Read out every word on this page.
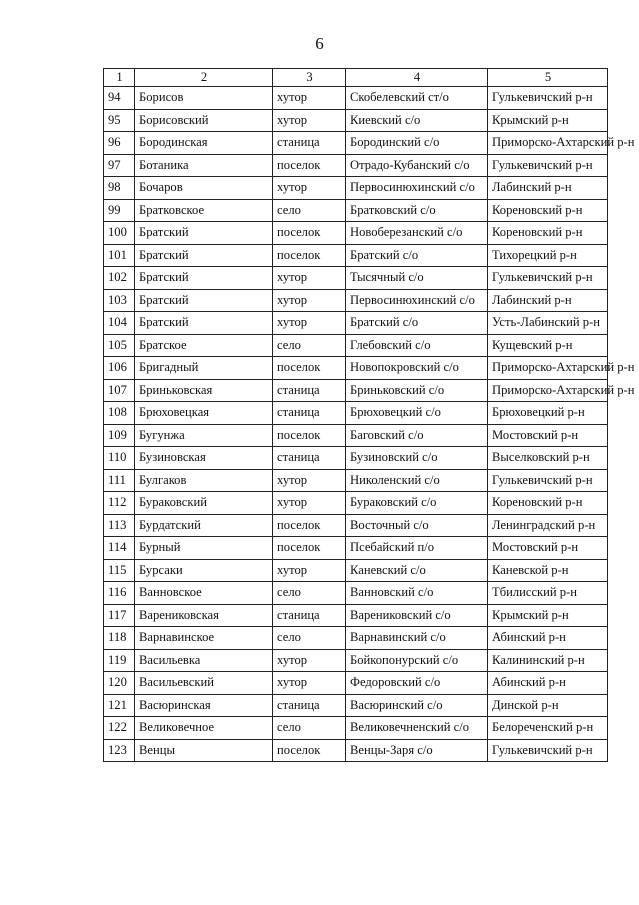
6
1	2	3	4	5
94	Борисов	хутор	Скобелевский ст/о	Гулькевичский р-н
95	Борисовский	хутор	Киевский с/о	Крымский р-н
96	Бородинская	станица	Бородинский с/о	Приморско-Ахтарский р-н
97	Ботаника	поселок	Отрадо-Кубанский с/о	Гулькевичский р-н
98	Бочаров	хутор	Первосинюхинский с/о	Лабинский р-н
99	Братковское	село	Братковский с/о	Кореновский р-н
100	Братский	поселок	Новоберезанский с/о	Кореновский р-н
101	Братский	поселок	Братский с/о	Тихорецкий р-н
102	Братский	хутор	Тысячный с/о	Гулькевичский р-н
103	Братский	хутор	Первосинюхинский с/о	Лабинский р-н
104	Братский	хутор	Братский с/о	Усть-Лабинский р-н
105	Братское	село	Глебовский с/о	Кущевский р-н
106	Бригадный	поселок	Новопокровский с/о	Приморско-Ахтарский р-н
107	Бриньковская	станица	Бриньковский с/о	Приморско-Ахтарский р-н
108	Брюховецкая	станица	Брюховецкий с/о	Брюховецкий р-н
109	Бугунжа	поселок	Баговский с/о	Мостовский р-н
110	Бузиновская	станица	Бузиновский с/о	Выселковский р-н
111	Булгаков	хутор	Николенский с/о	Гулькевичский р-н
112	Бураковский	хутор	Бураковский с/о	Кореновский р-н
113	Бурдатский	поселок	Восточный с/о	Ленинградский р-н
114	Бурный	поселок	Псебайский п/о	Мостовский р-н
115	Бурсаки	хутор	Каневский с/о	Каневской р-н
116	Ванновское	село	Ванновский с/о	Тбилисский р-н
117	Варениковская	станица	Варениковский с/о	Крымский р-н
118	Варнавинское	село	Варнавинский с/о	Абинский р-н
119	Васильевка	хутор	Бойкопонурский с/о	Калининский р-н
120	Васильевский	хутор	Федоровский с/о	Абинский р-н
121	Васюринская	станица	Васюринский с/о	Динской р-н
122	Великовечное	село	Великовечненский с/о	Белореченский р-н
123	Венцы	поселок	Венцы-Заря с/о	Гулькевичский р-н
